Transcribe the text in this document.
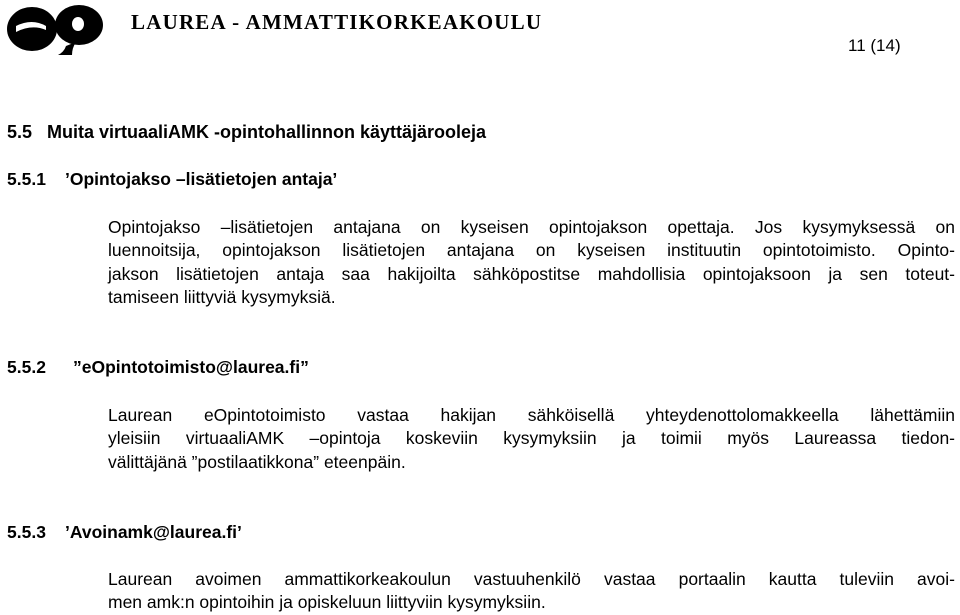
LAUREA - AMMATTIKORKEAKOULU
11 (14)
5.5 Muita virtuaaliAMK -opintohallinnon käyttäjärooleja
5.5.1 ’Opintojakso –lisätietojen antaja’
Opintojakso –lisätietojen antajana on kyseisen opintojakson opettaja. Jos kysymyksessä on
luennoitsija, opintojakson lisätietojen antajana on kyseisen instituutin opintotoimisto. Opinto-
jakson lisätietojen antaja saa hakijoilta sähköpostitse mahdollisia opintojaksoon ja sen toteut-
tamiseen liittyviä kysymyksiä.
5.5.2 ”eOpintotoimisto@laurea.fi”
Laurean eOpintotoimisto vastaa hakijan sähköisellä yhteydenottolomakkeella lähettämiin
yleisiin virtuaaliAMK –opintoja koskeviin kysymyksiin ja toimii myös Laureassa tiedon-
välittäjänä ”postilaatikkona” eteenpäin.
5.5.3 ’Avoinamk@laurea.fi’
Laurean avoimen ammattikorkeakoulun vastuuhenkilö vastaa portaalin kautta tuleviin avoi-
men amk:n opintoihin ja opiskeluun liittyviin kysymyksiin.
